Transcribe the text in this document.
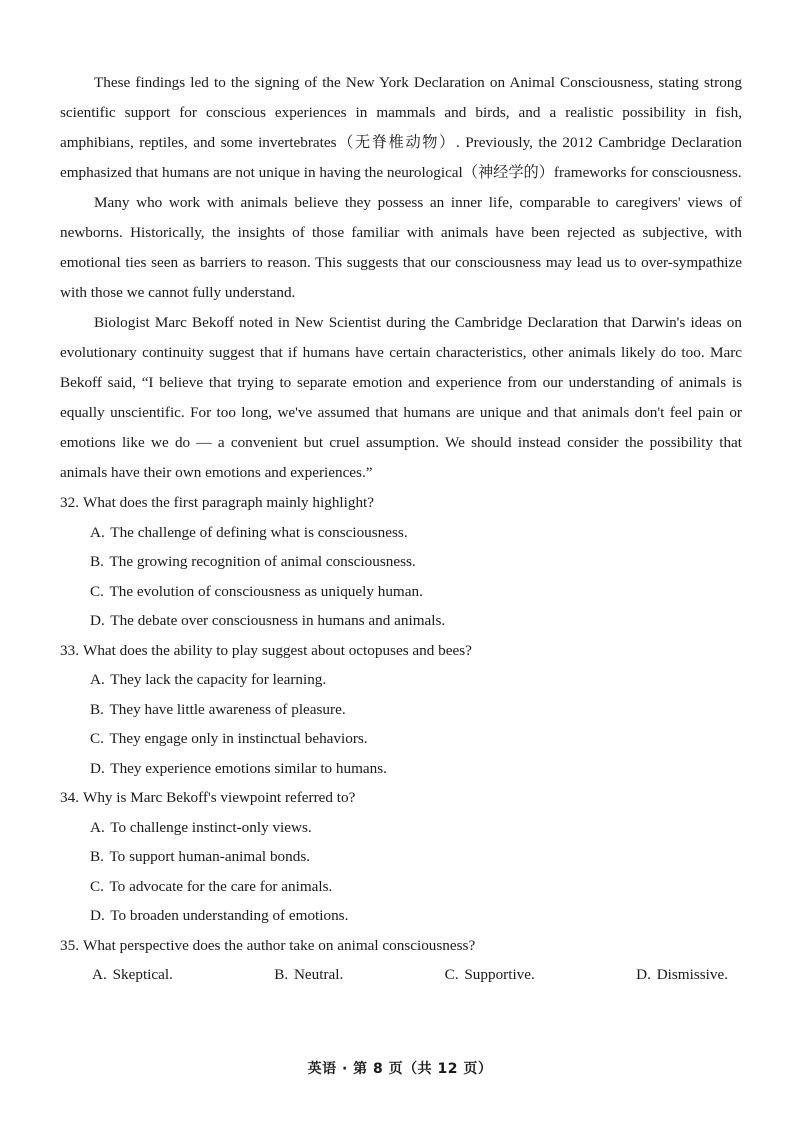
These findings led to the signing of the New York Declaration on Animal Consciousness, stating strong scientific support for conscious experiences in mammals and birds, and a realistic possibility in fish, amphibians, reptiles, and some invertebrates（无脊椎动物）. Previously, the 2012 Cambridge Declaration emphasized that humans are not unique in having the neurological（神经学的）frameworks for consciousness.

Many who work with animals believe they possess an inner life, comparable to caregivers' views of newborns. Historically, the insights of those familiar with animals have been rejected as subjective, with emotional ties seen as barriers to reason. This suggests that our consciousness may lead us to over-sympathize with those we cannot fully understand.

Biologist Marc Bekoff noted in New Scientist during the Cambridge Declaration that Darwin's ideas on evolutionary continuity suggest that if humans have certain characteristics, other animals likely do too. Marc Bekoff said, “I believe that trying to separate emotion and experience from our understanding of animals is equally unscientific. For too long, we've assumed that humans are unique and that animals don't feel pain or emotions like we do — a convenient but cruel assumption. We should instead consider the possibility that animals have their own emotions and experiences.”

32. What does the first paragraph mainly highlight?

A. The challenge of defining what is consciousness.
B. The growing recognition of animal consciousness.
C. The evolution of consciousness as uniquely human.
D. The debate over consciousness in humans and animals.

33. What does the ability to play suggest about octopuses and bees?

A. They lack the capacity for learning.
B. They have little awareness of pleasure.
C. They engage only in instinctual behaviors.
D. They experience emotions similar to humans.

34. Why is Marc Bekoff's viewpoint referred to?

A. To challenge instinct-only views.
B. To support human-animal bonds.
C. To advocate for the care for animals.
D. To broaden understanding of emotions.

35. What perspective does the author take on animal consciousness?

A. Skeptical.	B. Neutral.	C. Supportive.	D. Dismissive.
英语 · 第 8 页（共 12 页）
